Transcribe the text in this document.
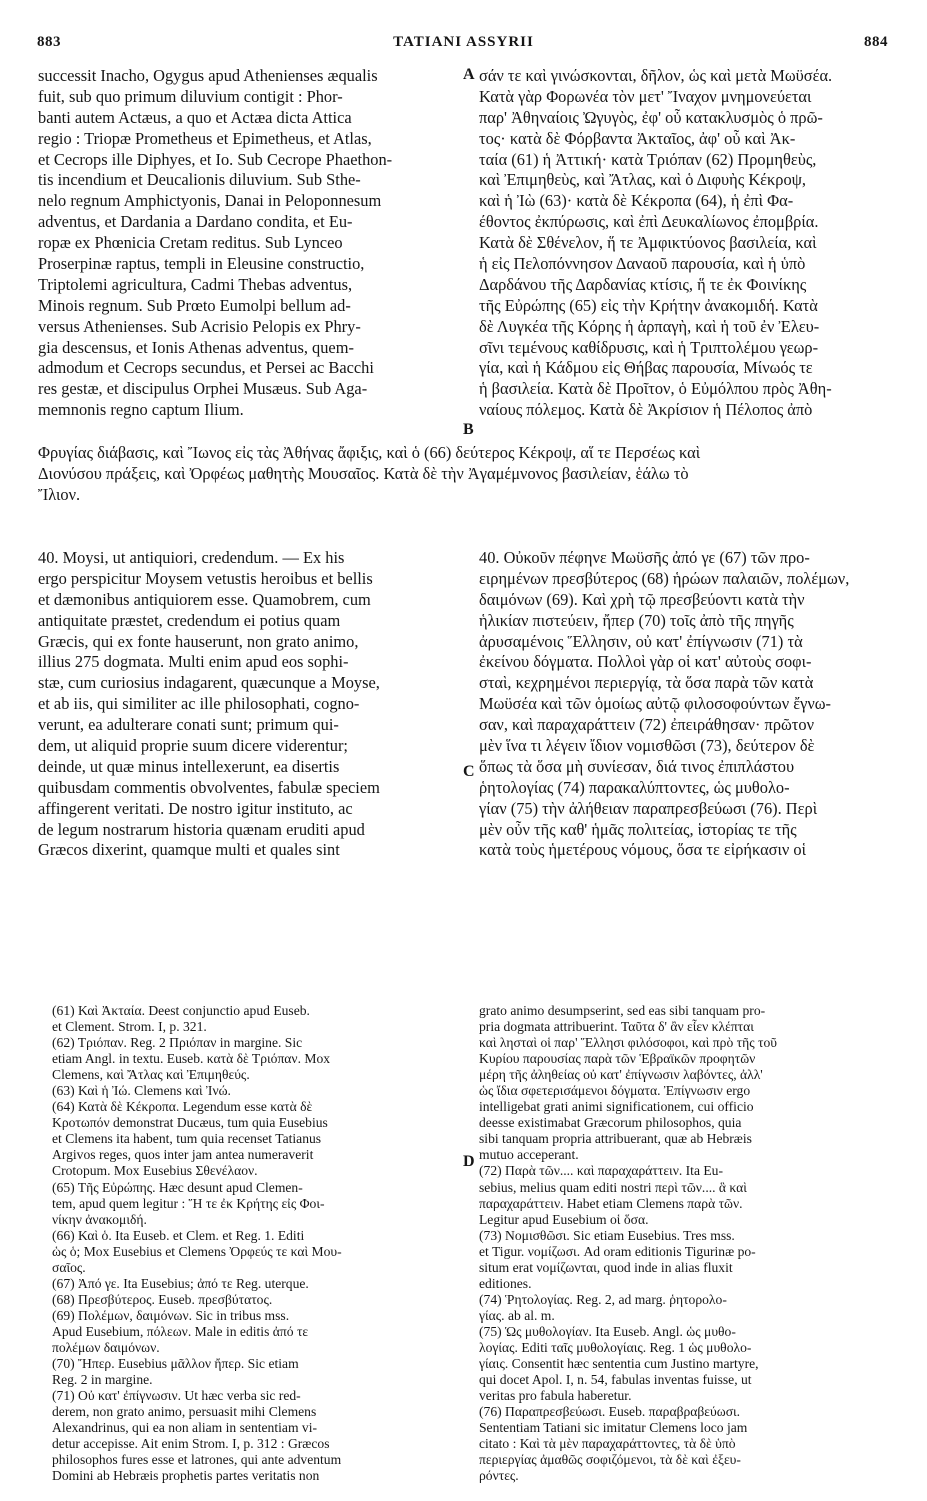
883	TATIANI ASSYRII	884
A
B
C
D
successit Inacho, Ogygus apud Athenienses æqualis
fuit, sub quo primum diluvium contigit : Phor-
banti autem Actæus, a quo et Actæa dicta Attica
regio : Triopæ Prometheus et Epimetheus, et Atlas,
et Cecrops ille Diphyes, et Io. Sub Cecrope Phaethon-
tis incendium et Deucalionis diluvium. Sub Sthe-
nelo regnum Amphictyonis, Danai in Peloponnesum
adventus, et Dardania a Dardano condita, et Eu-
ropæ ex Phœnicia Cretam reditus. Sub Lynceo
Proserpinæ raptus, templi in Eleusine constructio,
Triptolemi agricultura, Cadmi Thebas adventus,
Minois regnum. Sub Prœto Eumolpi bellum ad-
versus Athenienses. Sub Acrisio Pelopis ex Phry-
gia descensus, et Ionis Athenas adventus, quem-
admodum et Cecrops secundus, et Persei ac Bacchi
res gestæ, et discipulus Orphei Musæus. Sub Aga-
memnonis regno captum Ilium.
σάν τε καὶ γινώσκονται, δῆλον, ὡς καὶ μετὰ Μωϋσέα.
Κατὰ γὰρ Φορωνέα τὸν μετ' Ἴναχον μνημονεύεται
παρ' Ἀθηναίοις Ὠγυγὸς, ἐφ' οὗ κατακλυσμὸς ὁ πρῶ-
τος· κατὰ δὲ Φόρβαντα Ἀκταῖος, ἀφ' οὗ καὶ Ἀκ-
ταία (61) ἡ Ἀττική· κατὰ Τριόπαν (62) Προμηθεὺς,
καὶ Ἐπιμηθεὺς, καὶ Ἄτλας, καὶ ὁ Διφυὴς Κέκροψ,
καὶ ἡ Ἰὼ (63)· κατὰ δὲ Κέκροπα (64), ἡ ἐπὶ Φα-
έθοντος ἐκπύρωσις, καὶ ἐπὶ Δευκαλίωνος ἐπομβρία.
Κατὰ δὲ Σθένελον, ἥ τε Ἀμφικτύονος βασιλεία, καὶ
ἡ εἰς Πελοπόννησον Δαναοῦ παρουσία, καὶ ἡ ὑπὸ
Δαρδάνου τῆς Δαρδανίας κτίσις, ἥ τε ἐκ Φοινίκης
τῆς Εὐρώπης (65) εἰς τὴν Κρήτην ἀνακομιδή. Κατὰ
δὲ Λυγκέα τῆς Κόρης ἡ ἁρπαγὴ, καὶ ἡ τοῦ ἐν Ἐλευ-
σῖνι τεμένους καθίδρυσις, καὶ ἡ Τριπτολέμου γεωρ-
γία, καὶ ἡ Κάδμου εἰς Θήβας παρουσία, Μίνωός τε
ἡ βασιλεία. Κατὰ δὲ Προῖτον, ὁ Εὐμόλπου πρὸς Ἀθη-
ναίους πόλεμος. Κατὰ δὲ Ἀκρίσιον ἡ Πέλοπος ἀπὸ
Φρυγίας διάβασις, καὶ Ἴωνος εἰς τὰς Ἀθήνας ἄφιξις, καὶ ὁ (66) δεύτερος Κέκροψ, αἵ τε Περσέως καὶ
Διονύσου πράξεις, καὶ Ὀρφέως μαθητὴς Μουσαῖος. Κατὰ δὲ τὴν Ἀγαμέμνονος βασιλείαν, ἑάλω τὸ
Ἴλιον.
40. Moysi, ut antiquiori, credendum. — Ex his
ergo perspicitur Moysem vetustis heroibus et bellis
et dæmonibus antiquiorem esse. Quamobrem, cum
antiquitate præstet, credendum ei potius quam
Græcis, qui ex fonte hauserunt, non grato animo,
illius 275 dogmata. Multi enim apud eos sophi-
stæ, cum curiosius indagarent, quæcunque a Moyse,
et ab iis, qui similiter ac ille philosophati, cogno-
verunt, ea adulterare conati sunt; primum qui-
dem, ut aliquid proprie suum dicere viderentur;
deinde, ut quæ minus intellexerunt, ea disertis
quibusdam commentis obvolventes, fabulæ speciem
affingerent veritati. De nostro igitur instituto, ac
de legum nostrarum historia quænam eruditi apud
Græcos dixerint, quamque multi et quales sint
40. Οὐκοῦν πέφηνε Μωϋσῆς ἀπό γε (67) τῶν προ-
ειρημένων πρεσβύτερος (68) ἡρώων παλαιῶν, πολέμων,
δαιμόνων (69). Καὶ χρὴ τῷ πρεσβεύοντι κατὰ τὴν
ἡλικίαν πιστεύειν, ἤπερ (70) τοῖς ἀπὸ τῆς πηγῆς
ἀρυσαμένοις Ἕλλησιν, οὐ κατ' ἐπίγνωσιν (71) τὰ
ἐκείνου δόγματα. Πολλοὶ γὰρ οἱ κατ' αὐτοὺς σοφι-
σταὶ, κεχρημένοι περιεργίᾳ, τὰ ὅσα παρὰ τῶν κατὰ
Μωϋσέα καὶ τῶν ὁμοίως αὐτῷ φιλοσοφούντων ἔγνω-
σαν, καὶ παραχαράττειν (72) ἐπειράθησαν· πρῶτον
μὲν ἵνα τι λέγειν ἴδιον νομισθῶσι (73), δεύτερον δὲ
ὅπως τὰ ὅσα μὴ συνίεσαν, διά τινος ἐπιπλάστου
ῥητολογίας (74) παρακαλύπτοντες, ὡς μυθολο-
γίαν (75) τὴν ἀλήθειαν παραπρεσβεύωσι (76). Περὶ
μὲν οὖν τῆς καθ' ἡμᾶς πολιτείας, ἱστορίας τε τῆς
κατὰ τοὺς ἡμετέρους νόμους, ὅσα τε εἰρήκασιν οἱ
(61) Καὶ Ἀκταία. Deest conjunctio apud Euseb.
et Clement. Strom. I, p. 321.
(62) Τριόπαν. Reg. 2 Πριόπαν in margine. Sic
etiam Angl. in textu. Euseb. κατὰ δὲ Τριόπαν. Mox
Clemens, καὶ Ἄτλας καὶ Ἐπιμηθεύς.
(63) Καὶ ἡ Ἰώ. Clemens καὶ Ἰνώ.
(64) Κατὰ δὲ Κέκροπα. Legendum esse κατὰ δὲ
Κροτωπόν demonstrat Ducæus, tum quia Eusebius
et Clemens ita habent, tum quia recenset Tatianus
Argivos reges, quos inter jam antea numeraverit
Crotopum. Mox Eusebius Σθενέλαον.
(65) Τῆς Εὐρώπης. Hæc desunt apud Clemen-
tem, apud quem legitur : Ἥ τε ἐκ Κρήτης εἰς Φοι-
νίκην ἀνακομιδή.
(66) Καὶ ὁ. Ita Euseb. et Clem. et Reg. 1. Editi
ὡς ὁ; Mox Eusebius et Clemens Ὀρφεύς τε καὶ Μου-
σαῖος.
(67) Ἀπό γε. Ita Eusebius; ἀπό τε Reg. uterque.
(68) Πρεσβύτερος. Euseb. πρεσβύτατος.
(69) Πολέμων, δαιμόνων. Sic in tribus mss.
Apud Eusebium, πόλεων. Male in editis ἀπό τε
πολέμων δαιμόνων.
(70) Ἤπερ. Eusebius μᾶλλον ἤπερ. Sic etiam
Reg. 2 in margine.
(71) Οὐ κατ' ἐπίγνωσιν. Ut hæc verba sic red-
derem, non grato animo, persuasit mihi Clemens
Alexandrinus, qui ea non aliam in sententiam vi-
detur accepisse. Ait enim Strom. I, p. 312 : Græcos
philosophos fures esse et latrones, qui ante adventum
Domini ab Hebræis prophetis partes veritatis non
grato animo desumpserint, sed eas sibi tanquam pro-
pria dogmata attribuerint. Ταῦτα δ' ἂν εἶεν κλέπται
καὶ λησταὶ οἱ παρ' Ἕλλησι φιλόσοφοι, καὶ πρὸ τῆς τοῦ
Κυρίου παρουσίας παρὰ τῶν Ἑβραϊκῶν προφητῶν
μέρη τῆς ἀληθείας οὐ κατ' ἐπίγνωσιν λαβόντες, ἀλλ'
ὡς ἴδια σφετερισάμενοι δόγματα. Ἐπίγνωσιν ergo
intelligebat grati animi significationem, cui officio
deesse existimabat Græcorum philosophos, quia
sibi tanquam propria attribuerant, quæ ab Hebræis
mutuo acceperant.
(72) Παρὰ τῶν.... καὶ παραχαράττειν. Ita Eu-
sebius, melius quam editi nostri περὶ τῶν.... ἃ καὶ
παραχαράττειν. Habet etiam Clemens παρὰ τῶν.
Legitur apud Eusebium οἱ ὅσα.
(73) Νομισθῶσι. Sic etiam Eusebius. Tres mss.
et Tigur. νομίζωσι. Ad oram editionis Tigurinæ po-
situm erat νομίζωνται, quod inde in alias fluxit
editiones.
(74) Ῥητολογίας. Reg. 2, ad marg. ῥητορολο-
γίας. ab al. m.
(75) Ὡς μυθολογίαν. Ita Euseb. Angl. ὡς μυθο-
λογίας. Editi ταῖς μυθολογίαις. Reg. 1 ὡς μυθολο-
γίαις. Consentit hæc sententia cum Justino martyre,
qui docet Apol. I, n. 54, fabulas inventas fuisse, ut
veritas pro fabula haberetur.
(76) Παραπρεσβεύωσι. Euseb. παραβραβεύωσι.
Sententiam Tatiani sic imitatur Clemens loco jam
citato : Καὶ τὰ μὲν παραχαράττοντες, τὰ δὲ ὑπὸ
περιεργίας ἀμαθῶς σοφιζόμενοι, τὰ δὲ καὶ ἐξευ-
ρόντες.
